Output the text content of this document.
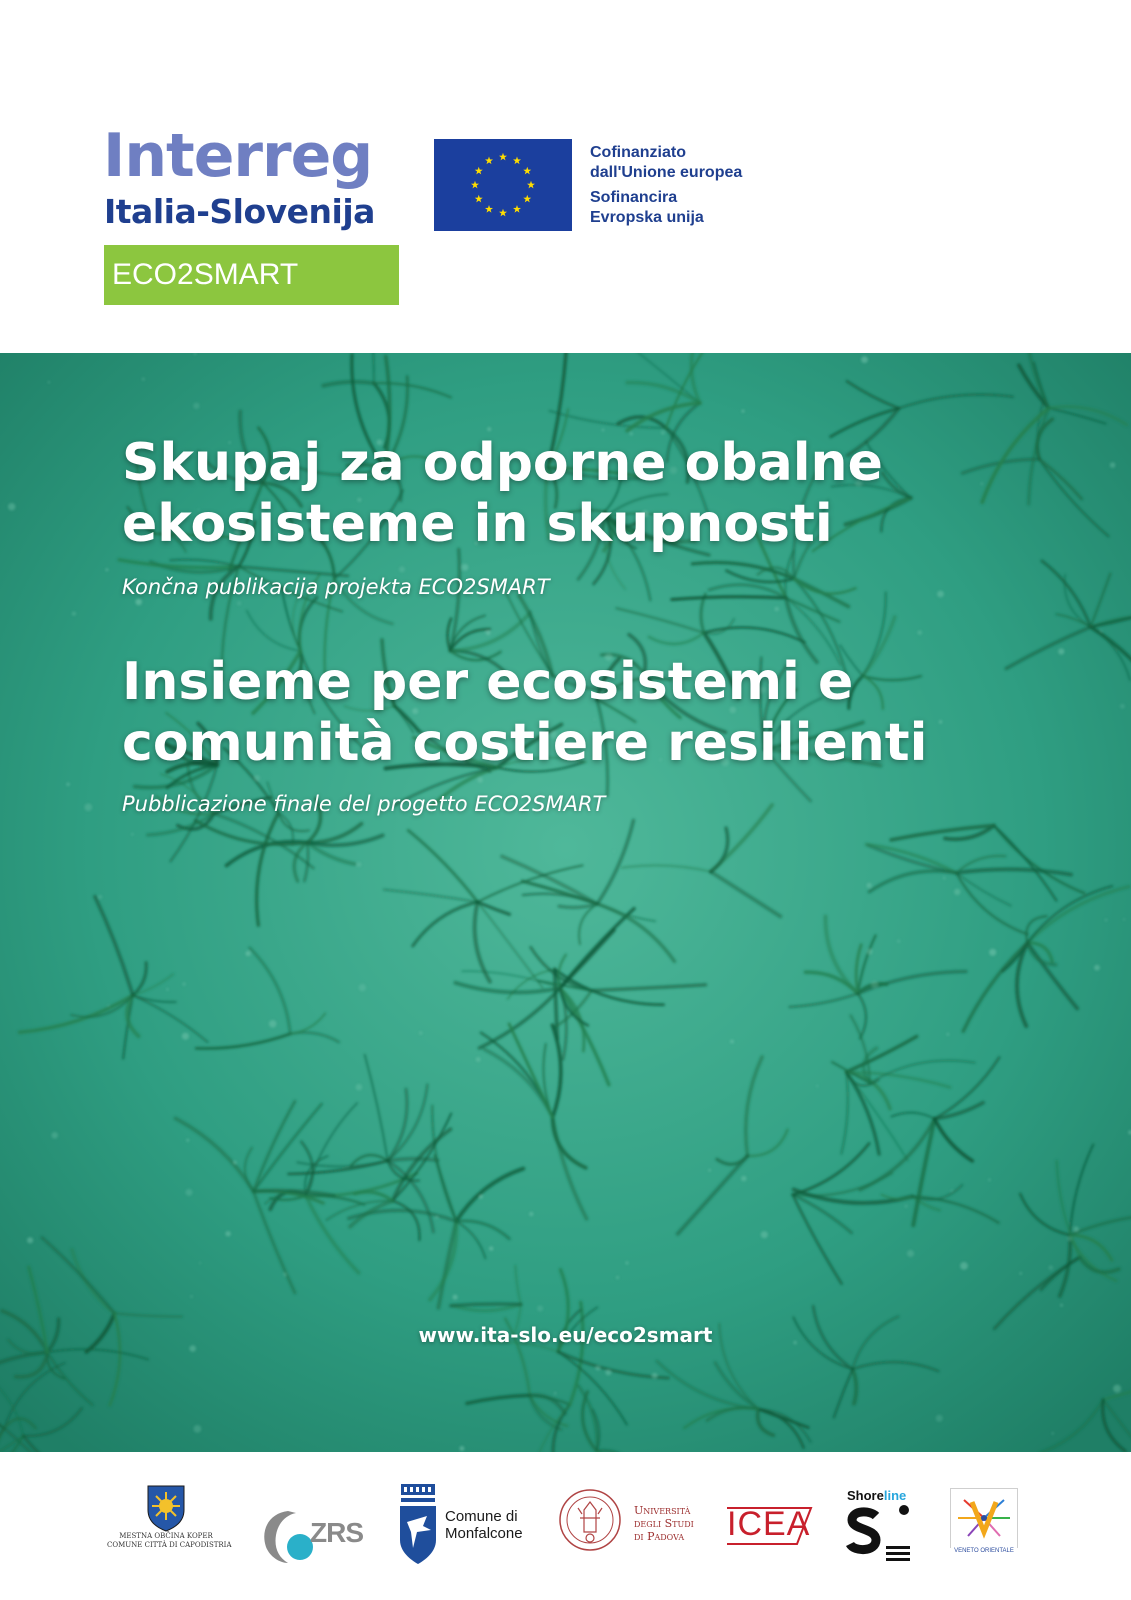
Interreg
Italia-Slovenija
ECO2SMART
Cofinanziato
dall'Unione europea
Sofinancira
Evropska unija
Skupaj za odporne obalne ekosisteme in skupnosti

Končna publikacija projekta ECO2SMART

Insieme per ecosistemi e comunità costiere resilienti

Pubblicazione finale del progetto ECO2SMART

www.ita-slo.eu/eco2smart
MESTNA OBČINA KOPER
COMUNE CITTÀ DI CAPODISTRIA	ZRS
Comune di
Monfalcone
Università
degli Studi
di Padova ICEA
Shoreline
VENETO ORIENTALE
